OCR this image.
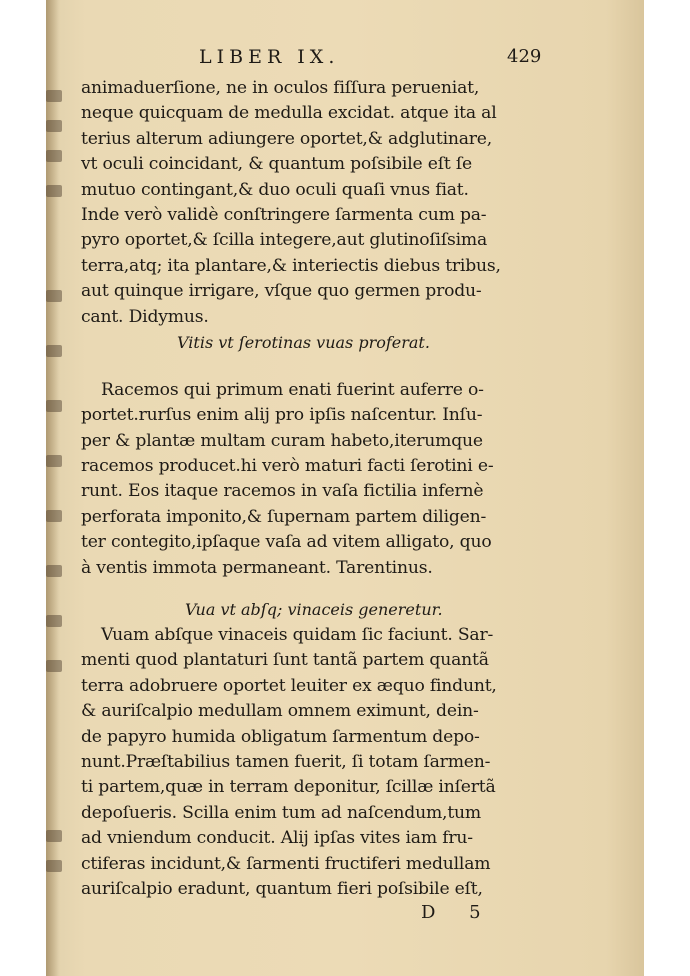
LIBER IX.	429
animaduerſione, ne in oculos fiſſura perueniat,
neque quicquam de medulla excidat. atque ita al
terius alterum adiungere oportet,& adglutinare,
vt oculi coincidant, & quantum poſsibile eſt ſe
mutuo contingant,& duo oculi quaſi vnus fiat.
Inde verò validè conſtringere ſarmenta cum pa-
pyro oportet,& ſcilla integere,aut glutinoſiſsima
terra,atq; ita plantare,& interiectis diebus tribus,
aut quinque irrigare, vſque quo germen produ-
cant. Didymus.
Vitis vt ſerotinas vuas proferat.
Racemos qui primum enati fuerint auferre o-
portet.rurſus enim alij pro ipſis naſcentur. Inſu-
per & plantæ multam curam habeto,iterumque
racemos producet.hi verò maturi facti ſerotini e-
runt. Eos itaque racemos in vaſa fictilia infernè
perforata imponito,& ſupernam partem diligen-
ter contegito,ipſaque vaſa ad vitem alligato, quo
à ventis immota permaneant. Tarentinus.
Vua vt abſq; vinaceis generetur.
Vuam abſque vinaceis quidam ſic faciunt. Sar-
menti quod plantaturi ſunt tantã partem quantã
terra adobruere oportet leuiter ex æquo findunt,
& auriſcalpio medullam omnem eximunt, dein-
de papyro humida obligatum ſarmentum depo-
nunt.Præſtabilius tamen fuerit, ſi totam ſarmen-
ti partem,quæ in terram deponitur, ſcillæ inſertã
depoſueris. Scilla enim tum ad naſcendum,tum
ad vniendum conducit. Alij ipſas vites iam fru-
ctiferas incidunt,& ſarmenti fructiferi medullam
auriſcalpio eradunt, quantum fieri poſsibile eſt,
D 5
